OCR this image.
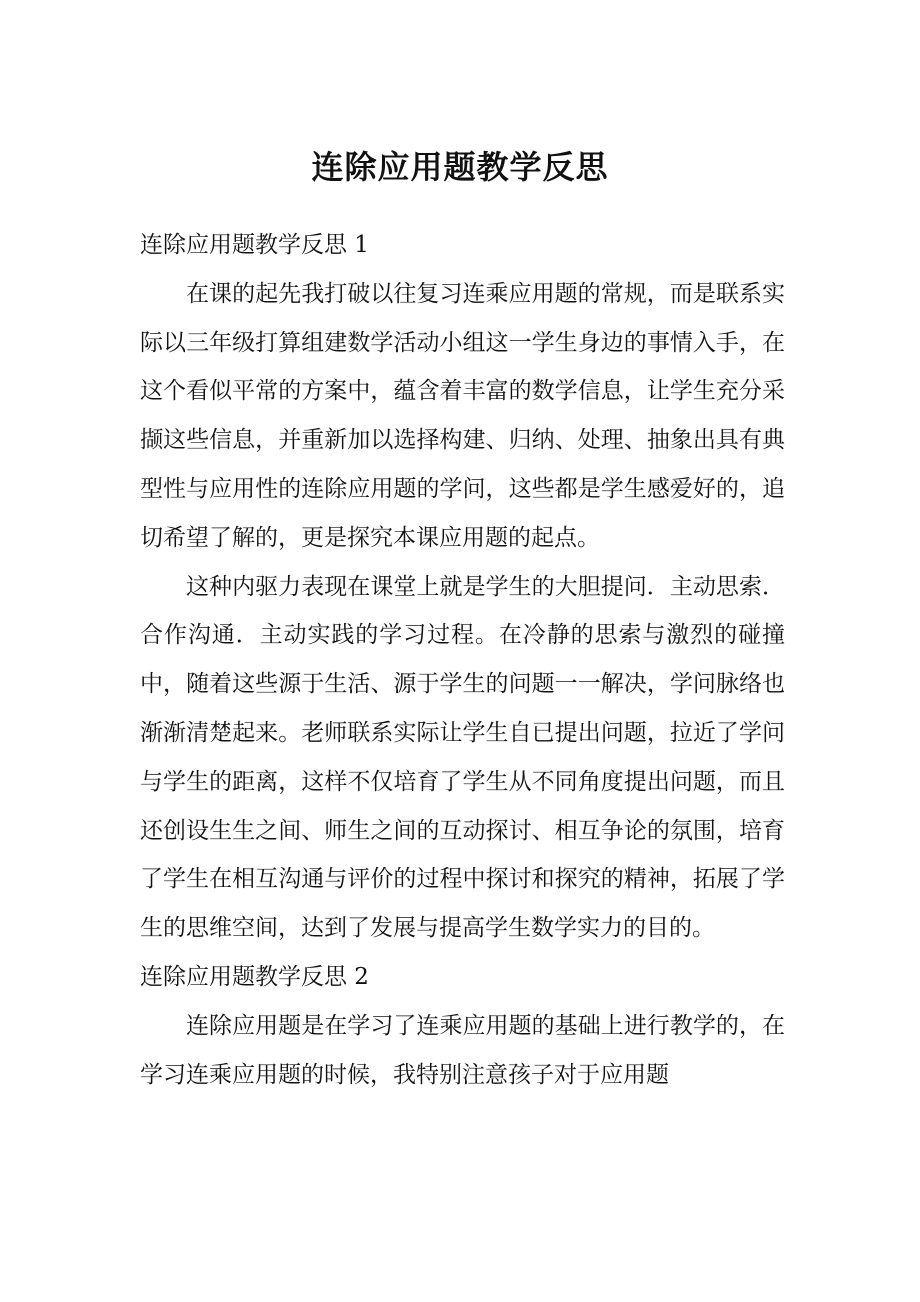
连除应用题教学反思

连除应用题教学反思 1

在课的起先我打破以往复习连乘应用题的常规，而是联系实际以三年级打算组建数学活动小组这一学生身边的事情入手，在这个看似平常的方案中，蕴含着丰富的数学信息，让学生充分采撷这些信息，并重新加以选择构建、归纳、处理、抽象出具有典型性与应用性的连除应用题的学问，这些都是学生感爱好的，追切希望了解的，更是探究本课应用题的起点。

这种内驱力表现在课堂上就是学生的大胆提问．主动思索．合作沟通．主动实践的学习过程。在冷静的思索与激烈的碰撞中，随着这些源于生活、源于学生的问题一一解决，学问脉络也渐渐清楚起来。老师联系实际让学生自已提出问题，拉近了学问与学生的距离，这样不仅培育了学生从不同角度提出问题，而且还创设生生之间、师生之间的互动探讨、相互争论的氛围，培育了学生在相互沟通与评价的过程中探讨和探究的精神，拓展了学生的思维空间，达到了发展与提高学生数学实力的目的。

连除应用题教学反思 2

连除应用题是在学习了连乘应用题的基础上进行教学的，在学习连乘应用题的时候，我特别注意孩子对于应用题
